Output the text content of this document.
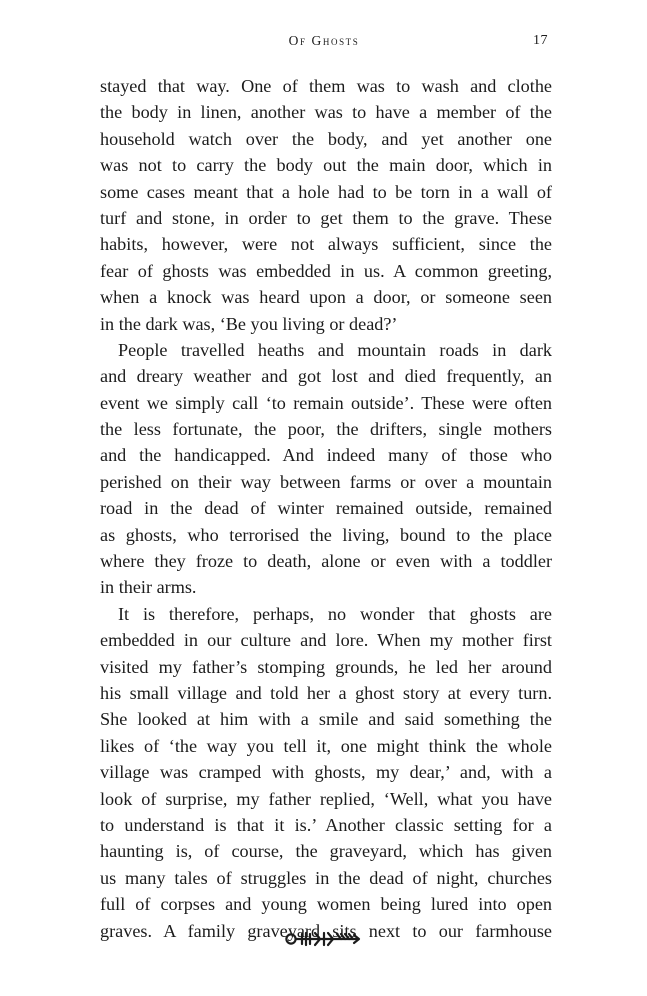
Of Ghosts	17
stayed that way. One of them was to wash and clothe
the body in linen, another was to have a member of the
household watch over the body, and yet another one
was not to carry the body out the main door, which in
some cases meant that a hole had to be torn in a wall of
turf and stone, in order to get them to the grave. These
habits, however, were not always sufficient, since the
fear of ghosts was embedded in us. A common greeting,
when a knock was heard upon a door, or someone seen
in the dark was, ‘Be you living or dead?’
People travelled heaths and mountain roads in dark
and dreary weather and got lost and died frequently, an
event we simply call ‘to remain outside’. These were often
the less fortunate, the poor, the drifters, single mothers
and the handicapped. And indeed many of those who
perished on their way between farms or over a mountain
road in the dead of winter remained outside, remained
as ghosts, who terrorised the living, bound to the place
where they froze to death, alone or even with a toddler
in their arms.
It is therefore, perhaps, no wonder that ghosts are
embedded in our culture and lore. When my mother first
visited my father’s stomping grounds, he led her around
his small village and told her a ghost story at every turn.
She looked at him with a smile and said something the
likes of ‘the way you tell it, one might think the whole
village was cramped with ghosts, my dear,’ and, with a
look of surprise, my father replied, ‘Well, what you have
to understand is that it is.’ Another classic setting for a
haunting is, of course, the graveyard, which has given
us many tales of struggles in the dead of night, churches
full of corpses and young women being lured into open
graves. A family graveyard sits next to our farmhouse
